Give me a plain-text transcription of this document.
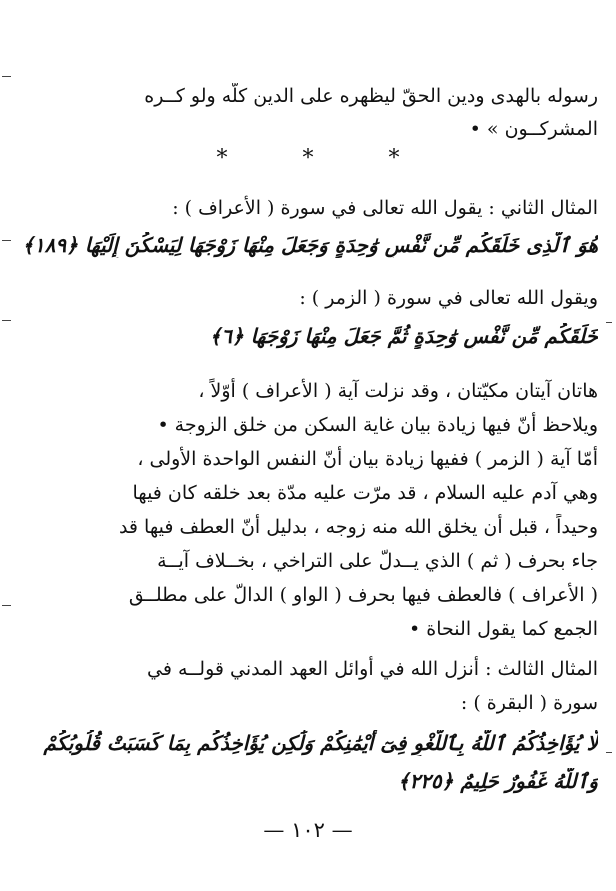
رسوله بالهدى ودين الحقّ ليظهره على الدين كلّه ولو كــره
المشركــون » •
* * *
المثال الثاني : يقول الله تعالى في سورة ( الأعراف ) :
هُوَ ٱلَّذِى خَلَقَكُم مِّن نَّفْسٍ وَٰحِدَةٍ وَجَعَلَ مِنْهَا زَوْجَهَا لِيَسْكُنَ إِلَيْهَا ﴿١٨٩﴾
ويقول الله تعالى في سورة ( الزمر ) :
خَلَقَكُم مِّن نَّفْسٍ وَٰحِدَةٍ ثُمَّ جَعَلَ مِنْهَا زَوْجَهَا ﴿٦﴾
هاتان آيتان مكيّتان ، وقد نزلت آية ( الأعراف ) أوّلاً ،
ويلاحظ أنّ فيها زيادة بيان غاية السكن من خلق الزوجة •
أمّا آية ( الزمر ) ففيها زيادة بيان أنّ النفس الواحدة الأولى ،
وهي آدم عليه السلام ، قد مرّت عليه مدّة بعد خلقه كان فيها
وحيداً ، قبل أن يخلق الله منه زوجه ، بدليل أنّ العطف فيها قد
جاء بحرف ( ثم ) الذي يــدلّ على التراخي ، بخــلاف آيــة
( الأعراف ) فالعطف فيها بحرف ( الواو ) الدالّ على مطلــق
الجمع كما يقول النحاة •
المثال الثالث : أنزل الله في أوائل العهد المدني قولــه في
سورة ( البقرة ) :
لَّا يُؤَاخِذُكُمُ ٱللَّهُ بِٱللَّغْوِ فِىٓ أَيْمَٰنِكُمْ وَلَٰكِن يُؤَاخِذُكُم بِمَا كَسَبَتْ قُلُوبُكُمْ
وَٱللَّهُ غَفُورٌ حَلِيمٌ ﴿٢٢٥﴾
— ١٠٢ —
